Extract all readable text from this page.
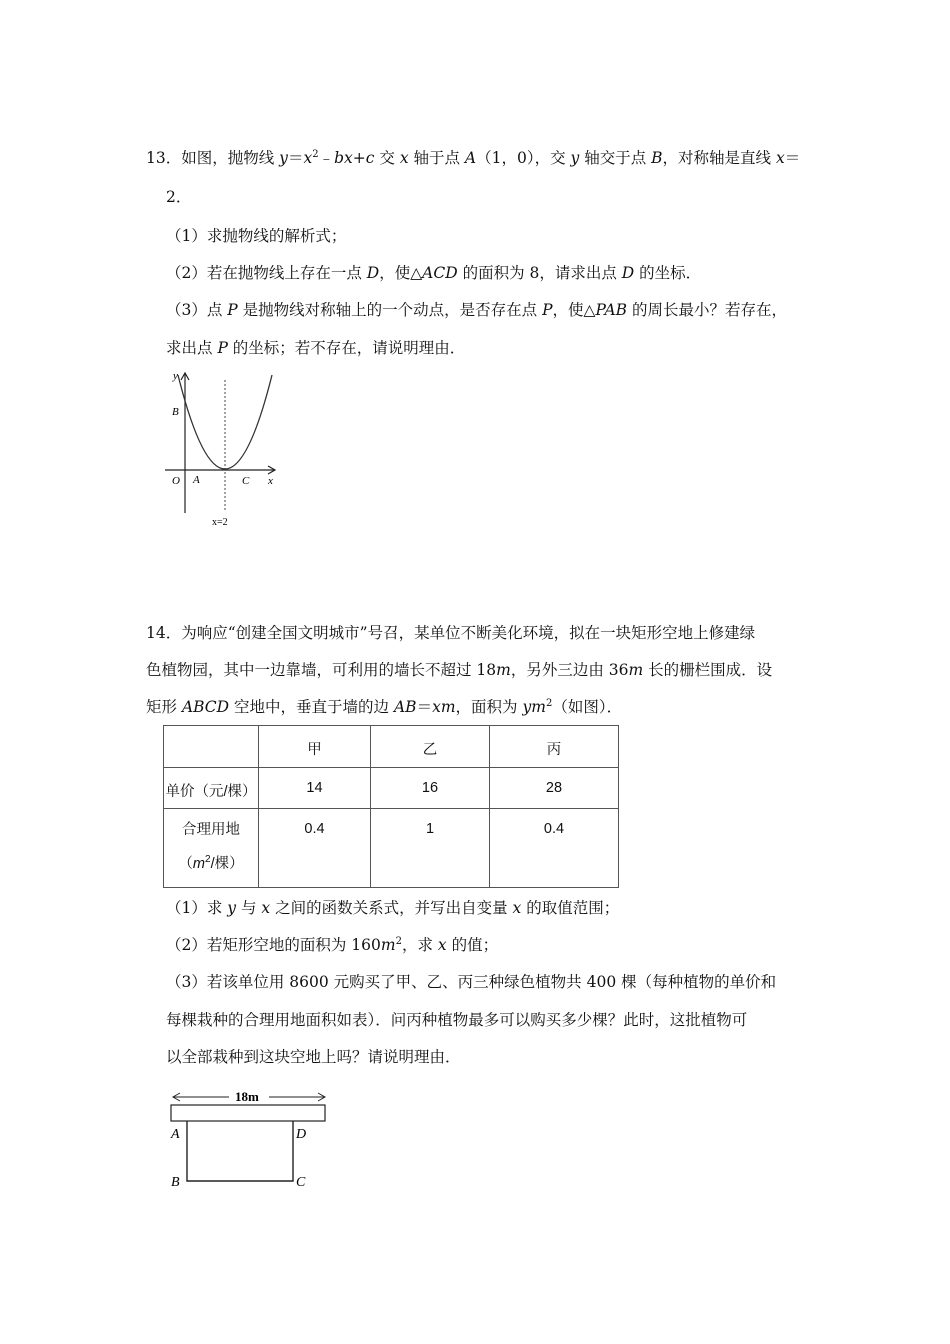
13．如图，抛物线 $y=x^2﹣bx+c$ 交 x 轴于点 A（1，0），交 y 轴交于点 B，对称轴是直线 x＝
2．
（1）求抛物线的解析式；
（2）若在抛物线上存在一点 D，使△ACD 的面积为 8，请求出点 D 的坐标．
（3）点 P 是抛物线对称轴上的一个动点，是否存在点 P，使△PAB 的周长最小？若存在，
求出点 P 的坐标；若不存在，请说明理由．
y
x
B
O A	C
x=2
14．为响应“创建全国文明城市”号召，某单位不断美化环境，拟在一块矩形空地上修建绿
色植物园，其中一边靠墙，可利用的墙长不超过 18m，另外三边由 36m 长的栅栏围成．设
矩形 ABCD 空地中，垂直于墙的边 AB＝xm，面积为 $ym^2$（如图）．
	甲	乙	丙
单价（元/棵）	14	16	28

合理用地
（$m^2/$棵）	0.4	1	0.4
（1）求 y 与 x 之间的函数关系式，并写出自变量 x 的取值范围；
（2）若矩形空地的面积为 $160m^2$，求 x 的值；
（3）若该单位用 8600 元购买了甲、乙、丙三种绿色植物共 400 棵（每种植物的单价和
每棵栽种的合理用地面积如表）．问丙种植物最多可以购买多少棵？此时，这批植物可
以全部栽种到这块空地上吗？请说明理由．
18m
A
B	C
D
